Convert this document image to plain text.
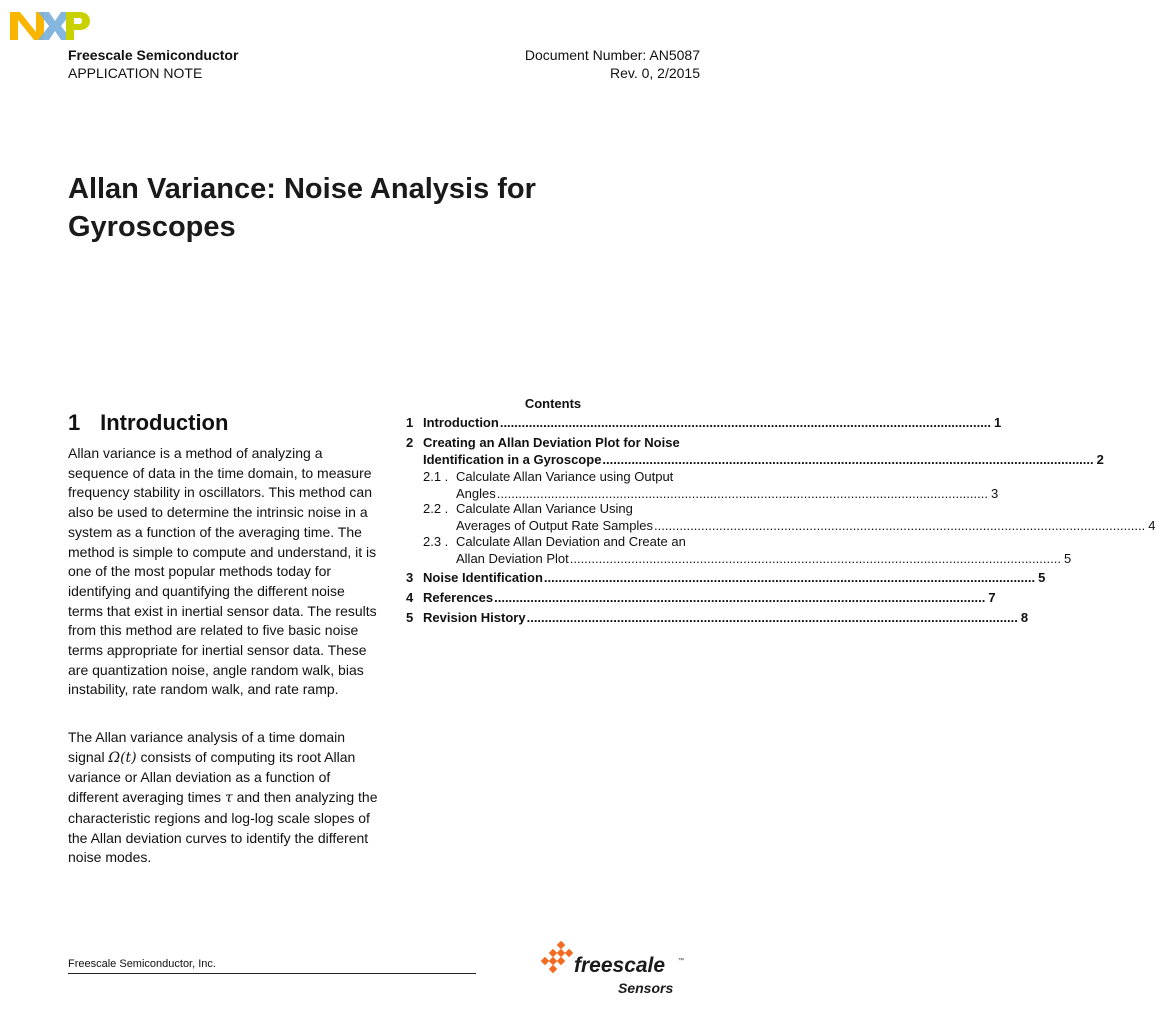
Freescale Semiconductor
APPLICATION NOTE
Document Number: AN5087
Rev. 0, 2/2015
Allan Variance: Noise Analysis for Gyroscopes
1 Introduction
Allan variance is a method of analyzing a sequence of data in the time domain, to measure frequency stability in oscillators. This method can also be used to determine the intrinsic noise in a system as a function of the averaging time. The method is simple to compute and understand, it is one of the most popular methods today for identifying and quantifying the different noise terms that exist in inertial sensor data. The results from this method are related to five basic noise terms appropriate for inertial sensor data. These are quantization noise, angle random walk, bias instability, rate random walk, and rate ramp.
The Allan variance analysis of a time domain signal Ω(t) consists of computing its root Allan variance or Allan deviation as a function of different averaging times τ and then analyzing the characteristic regions and log-log scale slopes of the Allan deviation curves to identify the different noise modes.
Contents
1 Introduction .....	1
2 Creating an Allan Deviation Plot for Noise
Identification in a Gyroscope .....	2
2.1 . Calculate Allan Variance using Output
Angles .....	3
2.2 . Calculate Allan Variance Using
Averages of Output Rate Samples .....	4
2.3 . Calculate Allan Deviation and Create an
Allan Deviation Plot .....	5
3 Noise Identification .....	5
4 References .....	7
5 Revision History .....	8
Freescale Semiconductor, Inc.	freescale ™
Sensors
